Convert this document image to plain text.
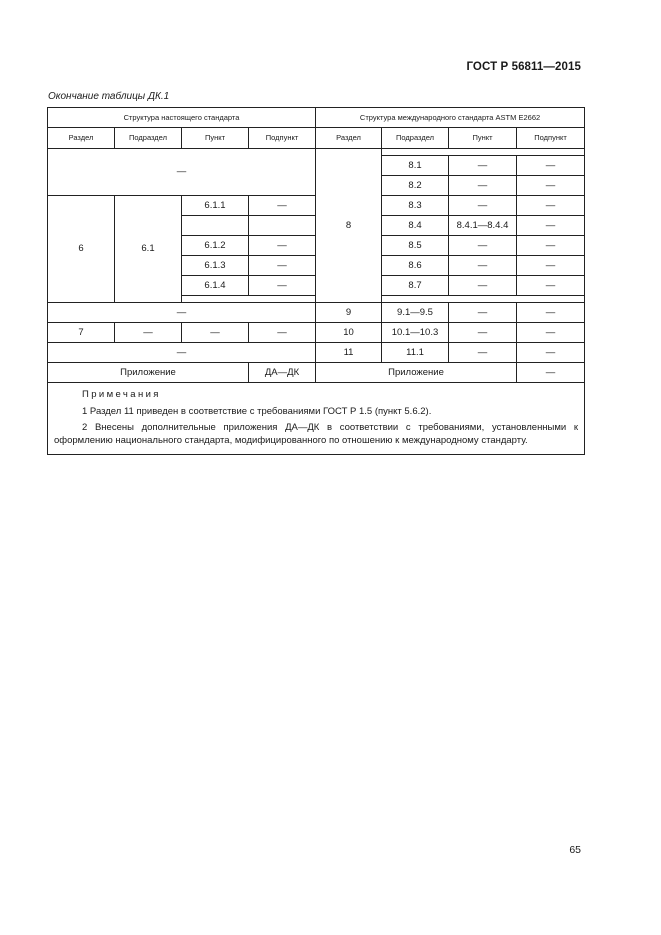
ГОСТ Р 56811—2015
Окончание таблицы ДК.1
Структура настоящего стандарта				Структура международного стандарта ASTM E2662			
Раздел	Подраздел	Пункт	Подпункт	Раздел	Подраздел	Пункт	Подпункт
—				8			
					8.1	—	—
					8.2	—	—
6	6.1	6.1.1	—		8.3	—	—
					8.4	8.4.1—8.4.4	—
		6.1.2	—		8.5	—	—
		6.1.3	—		8.6	—	—
		6.1.4	—		8.7	—	—

—				9	9.1—9.5	—	—
7	—	—	—	10	10.1—10.3	—	—
—				11	11.1	—	—
Приложение			ДА—ДК	Приложение			—

Примечания
1 Раздел 11 приведен в соответствие с требованиями ГОСТ Р 1.5 (пункт 5.6.2).
2 Внесены дополнительные приложения ДА—ДК в соответствии с требованиями, установленными к оформлению национального стандарта, модифицированного по отношению к международному стандарту.							
65
